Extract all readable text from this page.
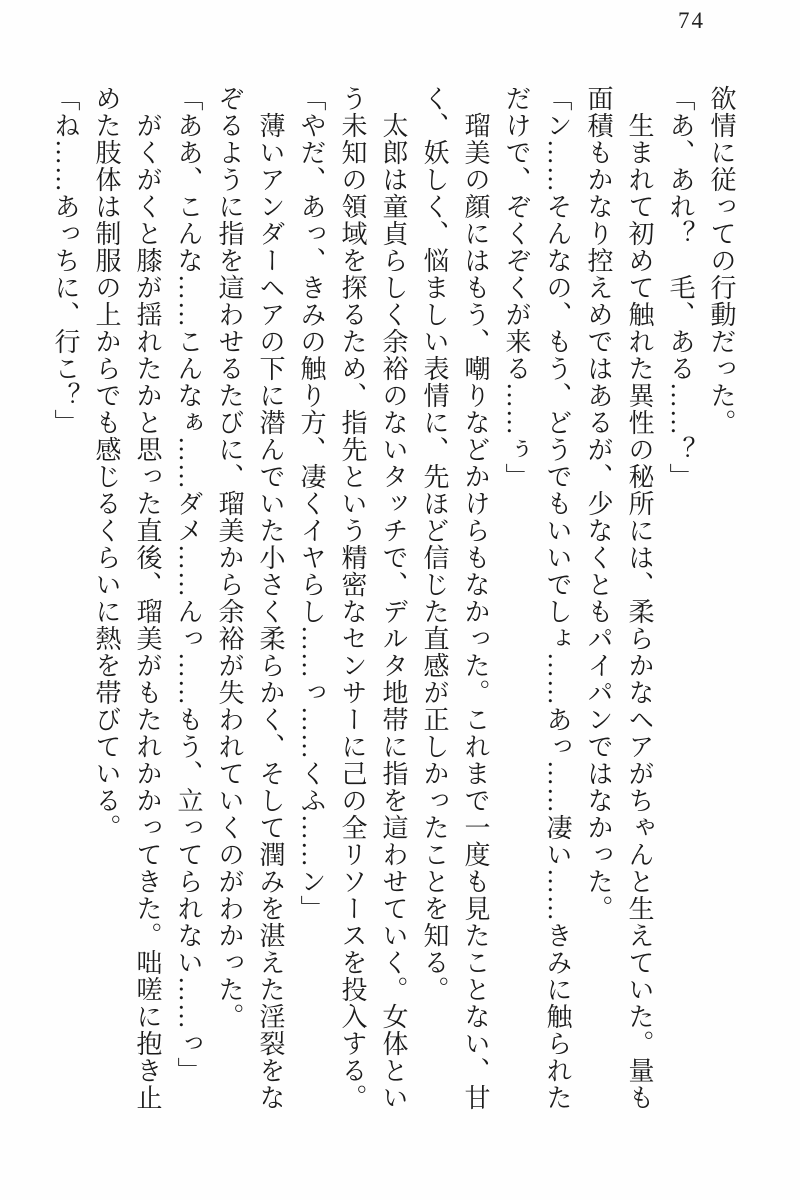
74

欲情に従っての行動だった。

「あ、あれ？　毛、ある……？」

生まれて初めて触れた異性の秘所には、柔らかなヘアがちゃんと生えていた。量も

面積もかなり控えめではあるが、少なくともパイパンではなかった。

「ン……そんなの、もう、どうでもいいでしょ……あっ……凄い……きみに触られた

だけで、ぞくぞくが来る……ぅ」

瑠美の顔にはもう、嘲りなどかけらもなかった。これまで一度も見たことない、甘

く、妖しく、悩ましい表情に、先ほど信じた直感が正しかったことを知る。

太郎は童貞らしく余裕のないタッチで、デルタ地帯に指を這わせていく。女体とい

う未知の領域を探るため、指先という精密なセンサーに己の全リソースを投入する。

「やだ、あっ、きみの触り方、凄くイヤらし……っ……くふ……ン」

薄いアンダーヘアの下に潜んでいた小さく柔らかく、そして潤みを湛えた淫裂をな

ぞるように指を這わせるたびに、瑠美から余裕が失われていくのがわかった。

「ああ、こんな……こんなぁ……ダメ……んっ……もう、立ってられない……っ」

がくがくと膝が揺れたかと思った直後、瑠美がもたれかかってきた。咄嗟に抱き止

めた肢体は制服の上からでも感じるくらいに熱を帯びている。

「ね……あっちに、行こ？」
